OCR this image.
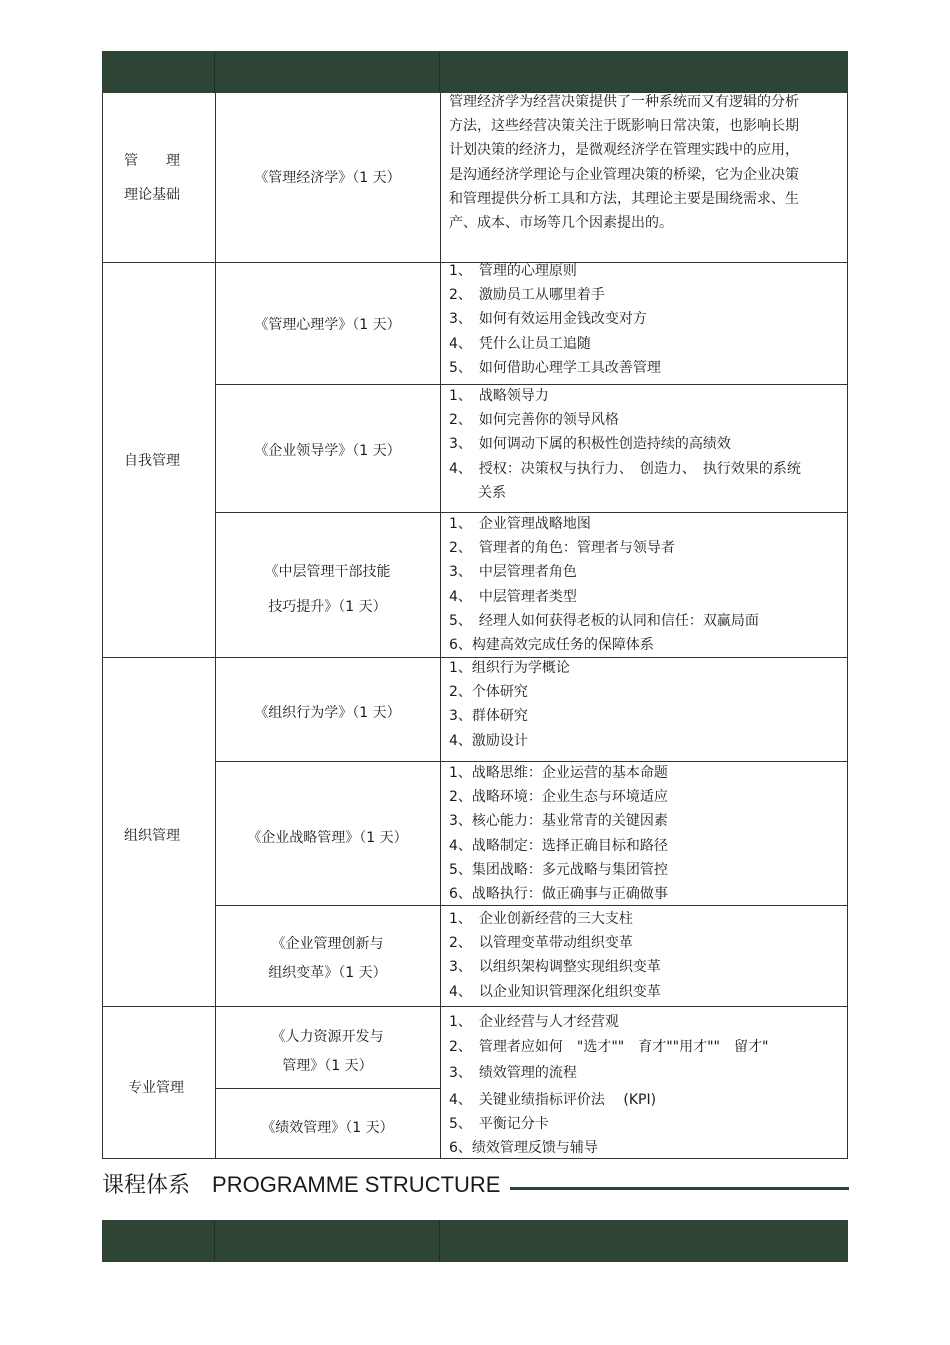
管　　理
理论基础
《管理经济学》（1 天）
管理经济学为经营决策提供了一种系统而又有逻辑的分析方法，这些经营决策关注于既影响日常决策，也影响长期计划决策的经济力，是微观经济学在管理实践中的应用，是沟通经济学理论与企业管理决策的桥梁，它为企业决策和管理提供分析工具和方法，其理论主要是围绕需求、生产、成本、市场等几个因素提出的。
自我管理
《管理心理学》（1 天）
1、　管理的心理原则
2、　激励员工从哪里着手
3、　如何有效运用金钱改变对方
4、　凭什么让员工追随
5、　如何借助心理学工具改善管理
《企业领导学》（1 天）
1、　战略领导力
2、　如何完善你的领导风格
3、　如何调动下属的积极性创造持续的高绩效
4、　授权：决策权与执行力、　创造力、　执行效果的系统
关系
《中层管理干部技能
技巧提升》（1 天）
1、　企业管理战略地图
2、　管理者的角色：管理者与领导者
3、　中层管理者角色
4、　中层管理者类型
5、　经理人如何获得老板的认同和信任：双赢局面
6、构建高效完成任务的保障体系
组织管理
《组织行为学》（1 天）
1、组织行为学概论
2、个体研究
3、群体研究
4、激励设计
《企业战略管理》（1 天）
1、战略思维：企业运营的基本命题
2、战略环境：企业生态与环境适应
3、核心能力：基业常青的关键因素
4、战略制定：选择正确目标和路径
5、集团战略：多元战略与集团管控
6、战略执行：做正确事与正确做事
《企业管理创新与
组织变革》（1 天）
1、　企业创新经营的三大支柱
2、　以管理变革带动组织变革
3、　以组织架构调整实现组织变革
4、　以企业知识管理深化组织变革
专业管理
《人力资源开发与
管理》（1 天）
《绩效管理》（1 天）
1、　企业经营与人才经营观
2、　管理者应如何　"选才""　育才""用才""　留才"
3、　绩效管理的流程
4、　关键业绩指标评价法　 (KPI)
5、　平衡记分卡
6、绩效管理反馈与辅导
课程体系 PROGRAMME STRUCTURE
